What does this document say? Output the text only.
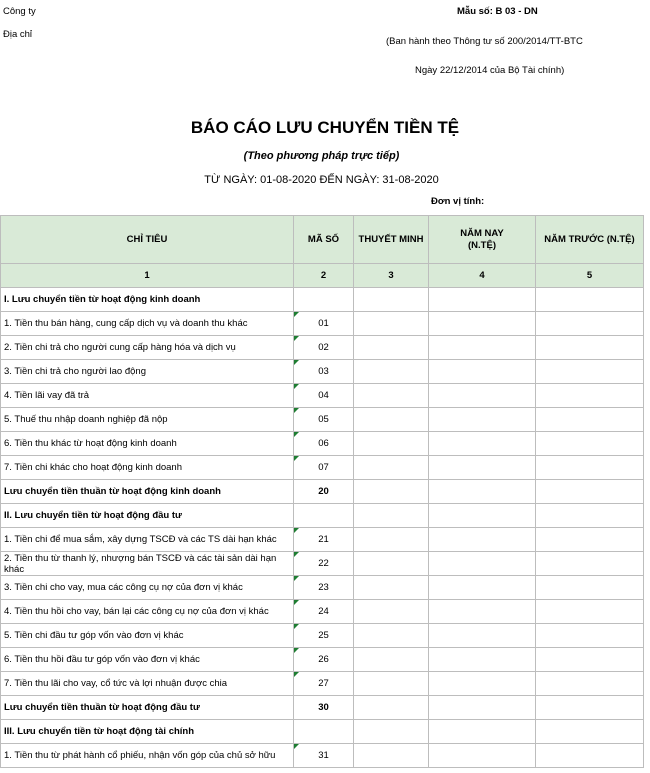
Công ty
Địa chỉ
Mẫu số: B 03 - DN
(Ban hành theo Thông tư số 200/2014/TT-BTC
Ngày 22/12/2014 của Bộ Tài chính)
BÁO CÁO LƯU CHUYỂN TIỀN TỆ
(Theo phương pháp trực tiếp)
TỪ NGÀY: 01-08-2020 ĐẾN NGÀY: 31-08-2020
Đơn vị tính:
CHỈ TIÊU	MÃ SỐ	THUYẾT MINH	NĂM NAY (N.TỆ)	NĂM TRƯỚC (N.TỆ)
1	2	3	4	5
I. Lưu chuyển tiền từ hoạt động kinh doanh				
1. Tiền thu bán hàng, cung cấp dịch vụ và doanh thu khác	01			
2. Tiền chi trả cho người cung cấp hàng hóa và dịch vụ	02			
3. Tiền chi trả cho người lao động	03			
4. Tiền lãi vay đã trả	04			
5. Thuế thu nhập doanh nghiệp đã nộp	05			
6. Tiền thu khác từ hoạt động kinh doanh	06			
7. Tiền chi khác cho hoạt động kinh doanh	07			
Lưu chuyển tiền thuần từ hoạt động kinh doanh	20			
II. Lưu chuyển tiền từ hoạt động đầu tư				
1. Tiền chi để mua sắm, xây dựng TSCĐ và các TS dài hạn khác	21			
2. Tiền thu từ thanh lý, nhượng bán TSCĐ và các tài sản dài hạn khác	22			
3. Tiền chi cho vay, mua các công cụ nợ của đơn vị khác	23			
4. Tiền thu hồi cho vay, bán lại các công cụ nợ của đơn vị khác	24			
5. Tiền chi đầu tư góp vốn vào đơn vị khác	25			
6. Tiền thu hồi đầu tư góp vốn vào đơn vị khác	26			
7. Tiền thu lãi cho vay, cổ tức và lợi nhuận được chia	27			
Lưu chuyển tiền thuần từ hoạt động đầu tư	30			
III. Lưu chuyển tiền từ hoạt động tài chính				
1. Tiền thu từ phát hành cổ phiếu, nhận vốn góp của chủ sở hữu	31			
